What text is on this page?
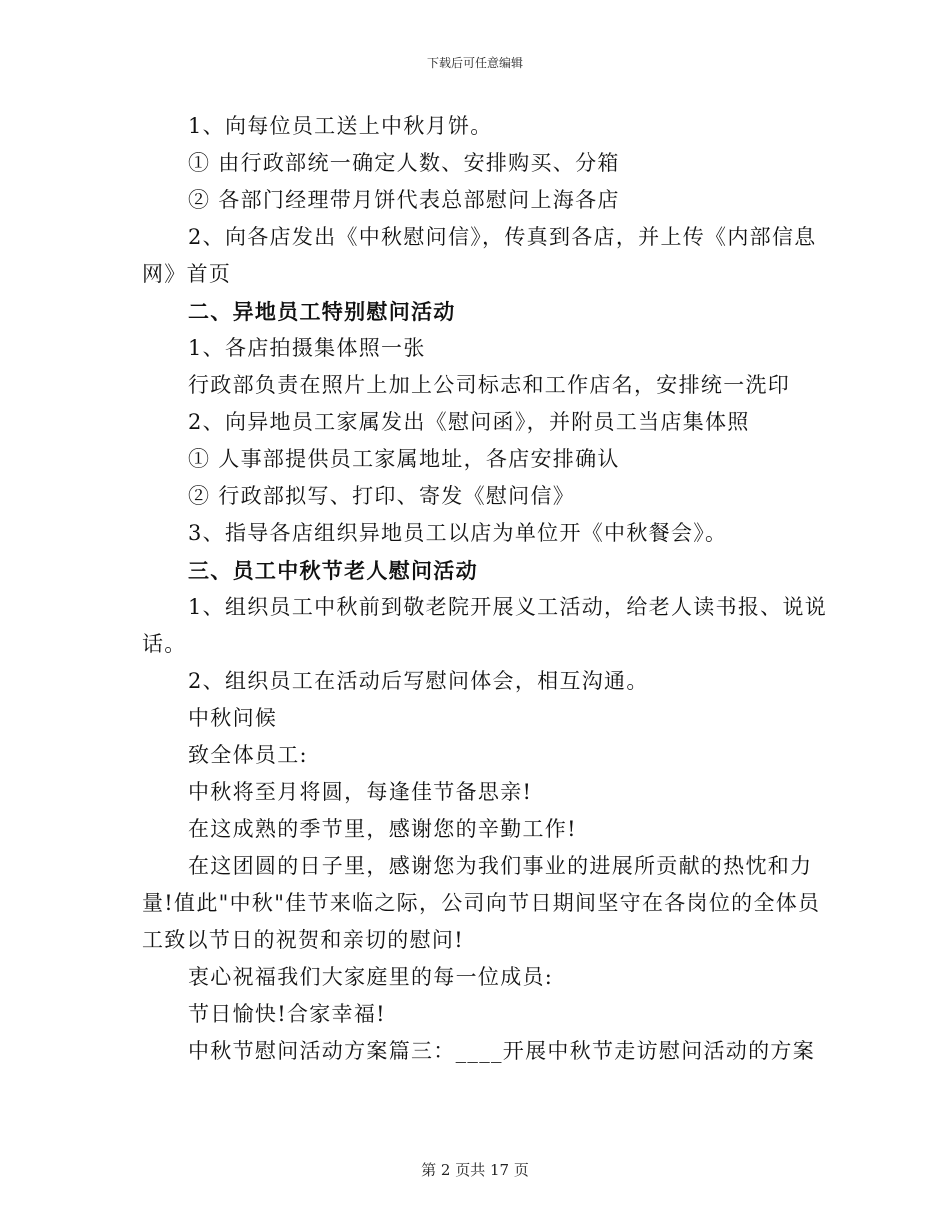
下载后可任意编辑
1、向每位员工送上中秋月饼。
① 由行政部统一确定人数、安排购买、分箱
② 各部门经理带月饼代表总部慰问上海各店
2、向各店发出《中秋慰问信》，传真到各店，并上传《内部信息
网》首页
二、异地员工特别慰问活动
1、各店拍摄集体照一张
行政部负责在照片上加上公司标志和工作店名，安排统一洗印
2、向异地员工家属发出《慰问函》，并附员工当店集体照
① 人事部提供员工家属地址，各店安排确认
② 行政部拟写、打印、寄发《慰问信》
3、指导各店组织异地员工以店为单位开《中秋餐会》。
三、员工中秋节老人慰问活动
1、组织员工中秋前到敬老院开展义工活动，给老人读书报、说说
话。
2、组织员工在活动后写慰问体会，相互沟通。
中秋问候
致全体员工:
中秋将至月将圆，每逢佳节备思亲!
在这成熟的季节里，感谢您的辛勤工作!
在这团圆的日子里，感谢您为我们事业的进展所贡献的热忱和力
量!值此"中秋"佳节来临之际，公司向节日期间坚守在各岗位的全体员
工致以节日的祝贺和亲切的慰问!
衷心祝福我们大家庭里的每一位成员:
节日愉快!合家幸福!
中秋节慰问活动方案篇三：____开展中秋节走访慰问活动的方案
第 2 页共 17 页
